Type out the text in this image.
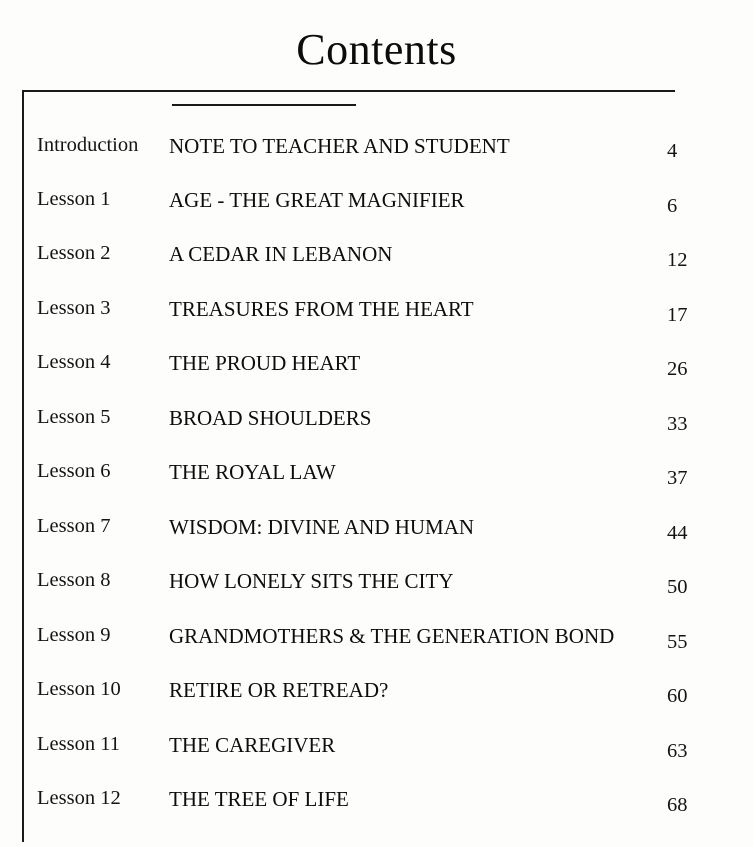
Contents
Introduction NOTE TO TEACHER AND STUDENT	4
Lesson 1	AGE - THE GREAT MAGNIFIER	6
Lesson 2	A CEDAR IN LEBANON	12
Lesson 3	TREASURES FROM THE HEART	17
Lesson 4	THE PROUD HEART	26
Lesson 5	BROAD SHOULDERS	33
Lesson 6	THE ROYAL LAW	37
Lesson 7	WISDOM: DIVINE AND HUMAN	44
Lesson 8	HOW LONELY SITS THE CITY	50
Lesson 9	GRANDMOTHERS & THE GENERATION BOND	55
Lesson 10 RETIRE OR RETREAD?	60
Lesson 11 THE CAREGIVER	63
Lesson 12 THE TREE OF LIFE	68
